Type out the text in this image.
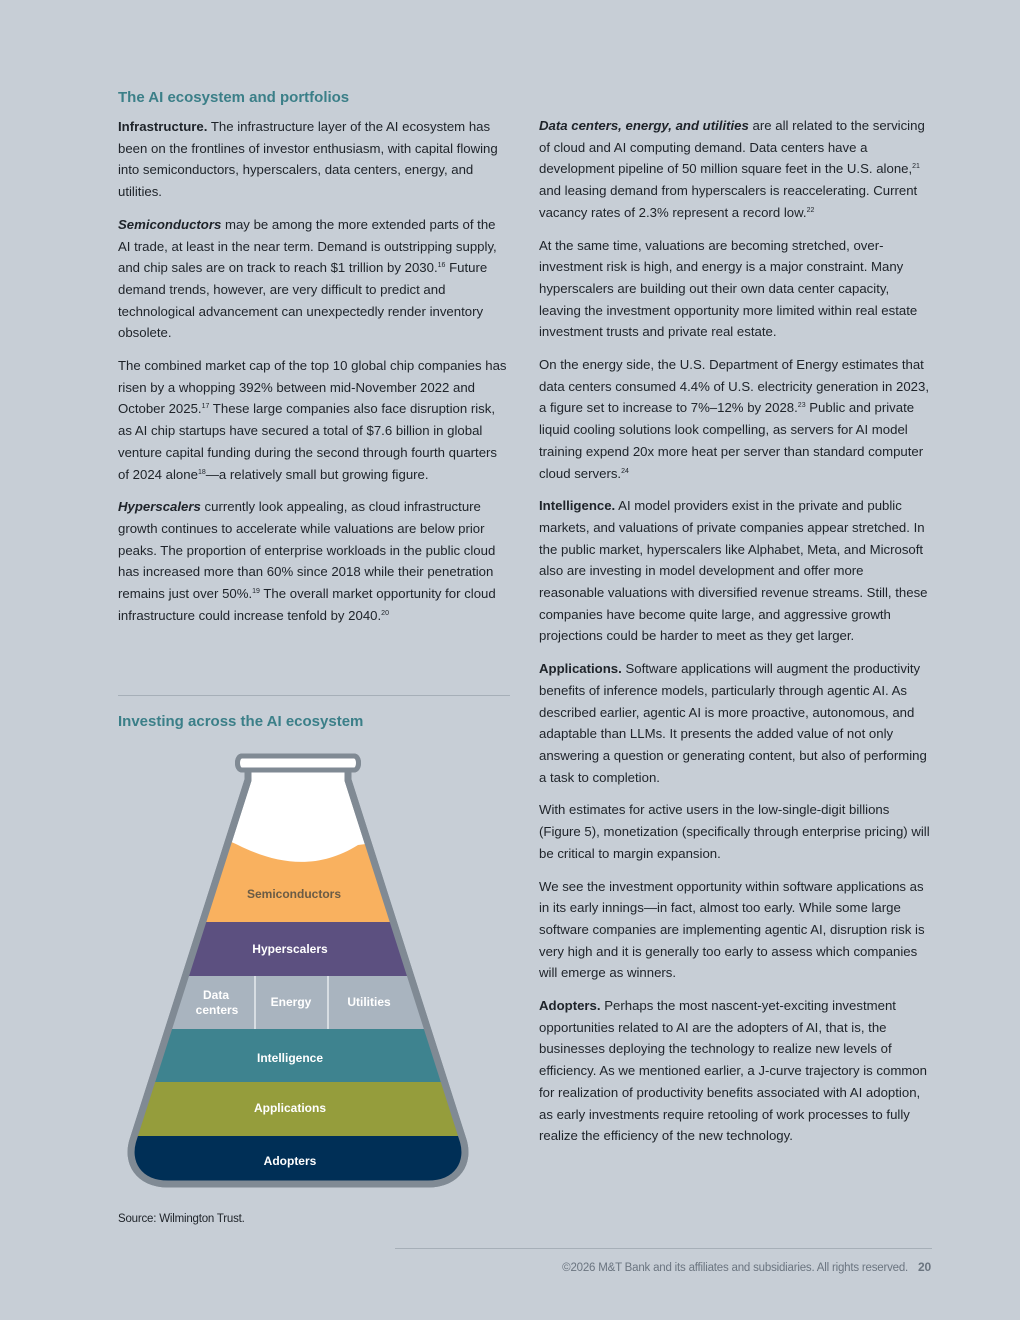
The AI ecosystem and portfolios

Infrastructure. The infrastructure layer of the AI ecosystem has been on the frontlines of investor enthusiasm, with capital flowing into semiconductors, hyperscalers, data centers, energy, and utilities.

Semiconductors may be among the more extended parts of the AI trade, at least in the near term. Demand is outstripping supply, and chip sales are on track to reach $1 trillion by 2030.16 Future demand trends, however, are very difficult to predict and technological advancement can unexpectedly render inventory obsolete.

The combined market cap of the top 10 global chip companies has risen by a whopping 392% between mid-November 2022 and October 2025.17 These large companies also face disruption risk, as AI chip startups have secured a total of $7.6 billion in global venture capital funding during the second through fourth quarters of 2024 alone$^{18}$—a relatively small but growing figure.

Hyperscalers currently look appealing, as cloud infrastructure growth continues to accelerate while valuations are below prior peaks. The proportion of enterprise workloads in the public cloud has increased more than 60% since 2018 while their penetration remains just over 50%.$^{19}$ The overall market opportunity for cloud infrastructure could increase tenfold by 2040.20

Investing across the AI ecosystem
Semiconductors
Hyperscalers
Data
centers
Energy	Utilities
Intelligence
Applications
Adopters
Source: Wilmington Trust.

Data centers, energy, and utilities are all related to the servicing of cloud and AI computing demand. Data centers have a development pipeline of 50 million square feet in the U.S. alone,$^{21}$ and leasing demand from hyperscalers is reaccelerating. Current vacancy rates of 2.3% represent a record low.$^{22}$

At the same time, valuations are becoming stretched, over-investment risk is high, and energy is a major constraint. Many hyperscalers are building out their own data center capacity, leaving the investment opportunity more limited within real estate investment trusts and private real estate.

On the energy side, the U.S. Department of Energy estimates that data centers consumed 4.4% of U.S. electricity generation in 2023, a figure set to increase to 7%–12% by 2028.23 Public and private liquid cooling solutions look compelling, as servers for AI model training expend 20x more heat per server than standard computer cloud servers.$^{24}$

Intelligence. AI model providers exist in the private and public markets, and valuations of private companies appear stretched. In the public market, hyperscalers like Alphabet, Meta, and Microsoft also are investing in model development and offer more reasonable valuations with diversified revenue streams. Still, these companies have become quite large, and aggressive growth projections could be harder to meet as they get larger.

Applications. Software applications will augment the productivity benefits of inference models, particularly through agentic AI. As described earlier, agentic AI is more proactive, autonomous, and adaptable than LLMs. It presents the added value of not only answering a question or generating content, but also of performing a task to completion.

With estimates for active users in the low-single-digit billions (Figure 5), monetization (specifically through enterprise pricing) will be critical to margin expansion.

We see the investment opportunity within software applications as in its early innings—in fact, almost too early. While some large software companies are implementing agentic AI, disruption risk is very high and it is generally too early to assess which companies will emerge as winners.

Adopters. Perhaps the most nascent-yet-exciting investment opportunities related to AI are the adopters of AI, that is, the businesses deploying the technology to realize new levels of efficiency. As we mentioned earlier, a J-curve trajectory is common for realization of productivity benefits associated with AI adoption, as early investments require retooling of work processes to fully realize the efficiency of the new technology.

©2026 M&T Bank and its affiliates and subsidiaries. All rights reserved. 20
